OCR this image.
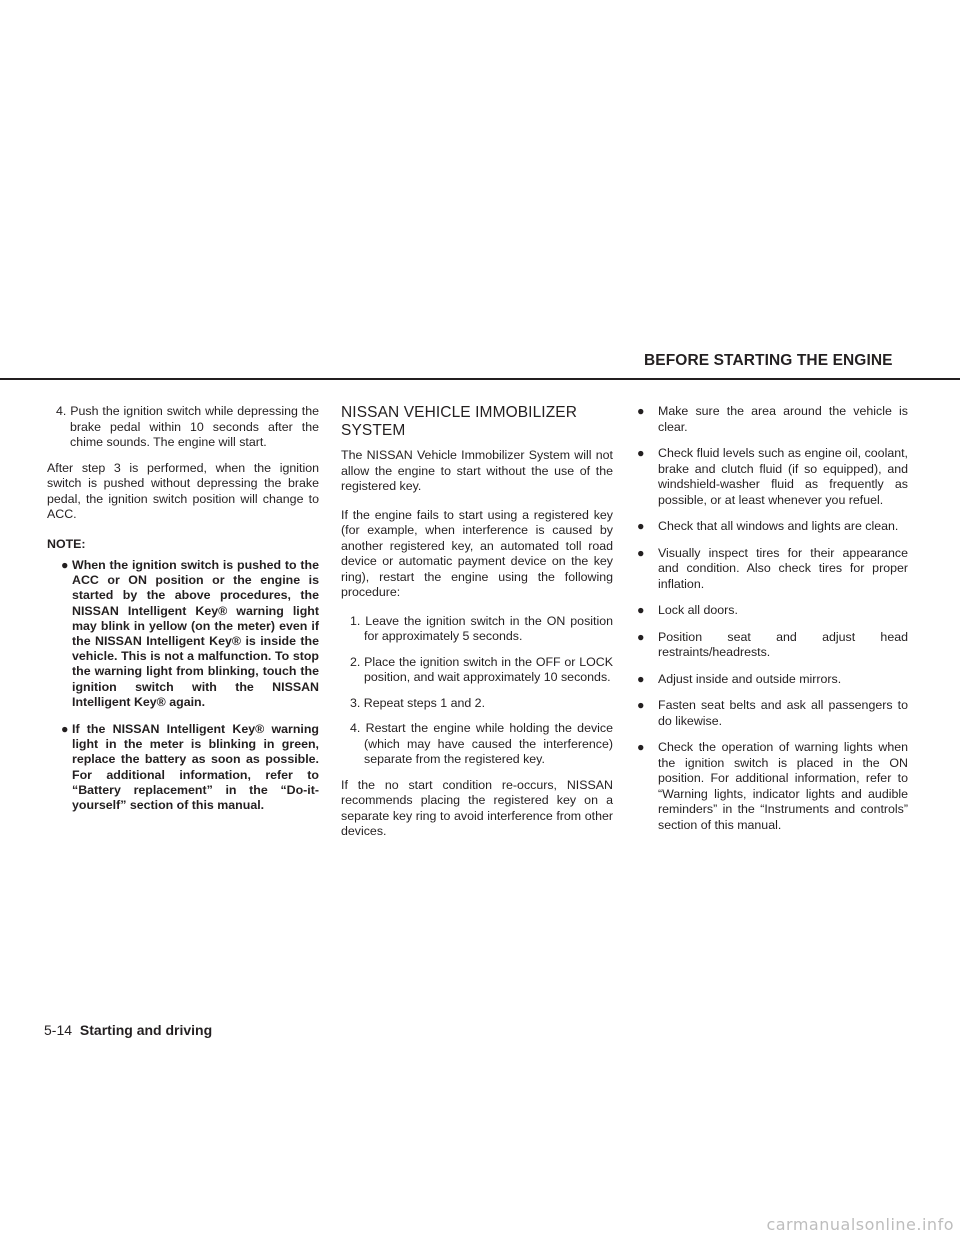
BEFORE STARTING THE ENGINE

4. Push the ignition switch while depressing the brake pedal within 10 seconds after the chime sounds. The engine will start.

After step 3 is performed, when the ignition switch is pushed without depressing the brake pedal, the ignition switch position will change to ACC.

NOTE:

● When the ignition switch is pushed to the ACC or ON position or the engine is started by the above procedures, the NISSAN Intelligent Key® warning light may blink in yellow (on the meter) even if the NISSAN Intelligent Key® is inside the vehicle. This is not a malfunction. To stop the warning light from blinking, touch the ignition switch with the NISSAN Intelligent Key® again.
● If the NISSAN Intelligent Key® warning light in the meter is blinking in green, replace the battery as soon as possible. For additional information, refer to “Battery replacement” in the “Do-it-yourself” section of this manual.
NISSAN VEHICLE IMMOBILIZER SYSTEM

The NISSAN Vehicle Immobilizer System will not allow the engine to start without the use of the registered key.

If the engine fails to start using a registered key (for example, when interference is caused by another registered key, an automated toll road device or automatic payment device on the key ring), restart the engine using the following procedure:

1. Leave the ignition switch in the ON position for approximately 5 seconds.

2. Place the ignition switch in the OFF or LOCK position, and wait approximately 10 seconds.

3. Repeat steps 1 and 2.

4. Restart the engine while holding the device (which may have caused the interference) separate from the registered key.

If the no start condition re-occurs, NISSAN recommends placing the registered key on a separate key ring to avoid interference from other devices.

● Make sure the area around the vehicle is clear.
● Check fluid levels such as engine oil, coolant, brake and clutch fluid (if so equipped), and windshield-washer fluid as frequently as possible, or at least whenever you refuel.
● Check that all windows and lights are clean.
● Visually inspect tires for their appearance and condition. Also check tires for proper inflation.
● Lock all doors.
● Position seat and adjust head restraints/headrests.
● Adjust inside and outside mirrors.
● Fasten seat belts and ask all passengers to do likewise.
● Check the operation of warning lights when the ignition switch is placed in the ON position. For additional information, refer to “Warning lights, indicator lights and audible reminders” in the “Instruments and controls” section of this manual.
5-14 Starting and driving
carmanualsonline.info
